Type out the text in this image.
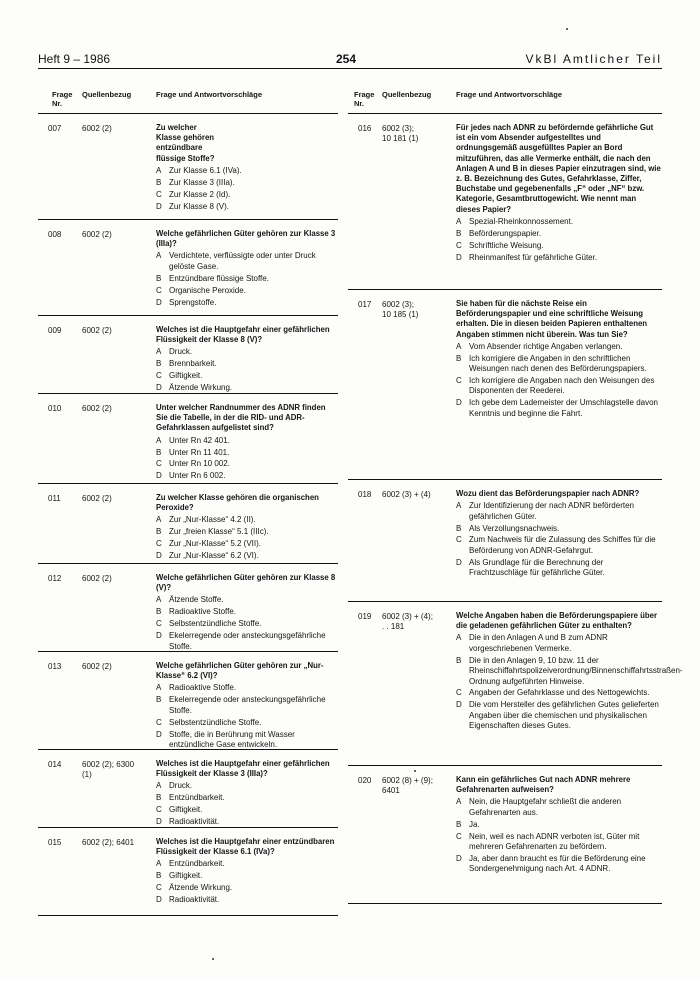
Heft 9 – 1986	254	VkBl Amtlicher Teil
Frage
Nr.
Quellenbezug	Frage und Antwortvorschläge
007	6002 (2)	Zu welcher
Klasse gehören
entzündbare
flüssige Stoffe?
A Zur Klasse 6.1 (IVa).
B Zur Klasse 3 (IIIa).
C Zur Klasse 2 (Id).
D Zur Klasse 8 (V).
008	6002 (2)	Welche gefährlichen Güter gehören zur Klasse 3 (IIIa)?
A Verdichtete, verflüssigte oder unter Druck gelöste Gase.
B Entzündbare flüssige Stoffe.
C Organische Peroxide.
D Sprengstoffe.
009	6002 (2)	Welches ist die Hauptgefahr einer gefährlichen Flüssigkeit der Klasse 8 (V)?
A Druck.
B Brennbarkeit.
C Giftigkeit.
D Ätzende Wirkung.
010	6002 (2)	Unter welcher Randnummer des ADNR finden Sie die Tabelle, in der die RID- und ADR-Gefahrklassen aufgelistet sind?
A Unter Rn 42 401.
B Unter Rn 11 401.
C Unter Rn 10 002.
D Unter Rn 6 002.
011	6002 (2)	Zu welcher Klasse gehören die organischen Peroxide?
A Zur „Nur-Klasse“ 4.2 (II).
B Zur „freien Klasse“ 5.1 (IIIc).
C Zur „Nur-Klasse“ 5.2 (VII).
D Zur „Nur-Klasse“ 6.2 (VI).
012	6002 (2)	Welche gefährlichen Güter gehören zur Klasse 8 (V)?
A Ätzende Stoffe.
B Radioaktive Stoffe.
C Selbstentzündliche Stoffe.
D Ekelerregende oder ansteckungsgefährliche Stoffe.
013	6002 (2)	Welche gefährlichen Güter gehören zur „Nur-Klasse“ 6.2 (VI)?
A Radioaktive Stoffe.
B Ekelerregende oder ansteckungsgefährliche Stoffe.
C Selbstentzündliche Stoffe.
D Stoffe, die in Berührung mit Wasser entzündliche Gase entwickeln.
014	6002 (2); 6300
(1)
Welches ist die Hauptgefahr einer gefährlichen Flüssigkeit der Klasse 3 (IIIa)?
A Druck.
B Entzündbarkeit.
C Giftigkeit.
D Radioaktivität.
015	6002 (2); 6401	Welches ist die Hauptgefahr einer entzündbaren Flüssigkeit der Klasse 6.1 (IVa)?
A Entzündbarkeit.
B Giftigkeit.
C Ätzende Wirkung.
D Radioaktivität.
Frage
Nr.
Quellenbezug	Frage und Antwortvorschläge
016 6002 (3);
10 181 (1)
Für jedes nach ADNR zu befördernde gefährliche Gut ist ein vom Absender aufgestelltes und ordnungsgemäß ausgefülltes Papier an Bord mitzuführen, das alle Vermerke enthält, die nach den Anlagen A und B in dieses Papier einzutragen sind, wie z. B. Bezeichnung des Gutes, Gefahrklasse, Ziffer, Buchstabe und gegebenenfalls „F“ oder „NF“ bzw. Kategorie, Gesamtbruttogewicht. Wie nennt man dieses Papier?
A Spezial-Rheinkonnossement.
B Beförderungspapier.
C Schriftliche Weisung.
D Rheinmanifest für gefährliche Güter.
017 6002 (3);
10 185 (1)
Sie haben für die nächste Reise ein Beförderungspapier und eine schriftliche Weisung erhalten. Die in diesen beiden Papieren enthaltenen Angaben stimmen nicht überein. Was tun Sie?
A Vom Absender richtige Angaben verlangen.
B Ich korrigiere die Angaben in den schriftlichen Weisungen nach denen des Beförderungspapiers.
C Ich korrigiere die Angaben nach den Weisungen des Disponenten der Reederei.
D Ich gebe dem Lademeister der Umschlagstelle davon Kenntnis und beginne die Fahrt.
018 6002 (3) + (4)	Wozu dient das Beförderungspapier nach ADNR?
A Zur Identifizierung der nach ADNR beförderten gefährlichen Güter.
B Als Verzollungsnachweis.
C Zum Nachweis für die Zulassung des Schiffes für die Beförderung von ADNR-Gefahrgut.
D Als Grundlage für die Berechnung der Frachtzuschläge für gefährliche Güter.
019 6002 (3) + (4);
. . 181
Welche Angaben haben die Beförderungspapiere über die geladenen gefährlichen Güter zu enthalten?
A Die in den Anlagen A und B zum ADNR vorgeschriebenen Vermerke.
B Die in den Anlagen 9, 10 bzw. 11 der Rheinschiffahrtspolizeiverordnung/Binnenschiffahrtsstraßen-Ordnung aufgeführten Hinweise.
C Angaben der Gefahrklasse und des Nettogewichts.
D Die vom Hersteller des gefährlichen Gutes gelieferten Angaben über die chemischen und physikalischen Eigenschaften dieses Gutes.
020 6002 (8) + (9);
6401
Kann ein gefährliches Gut nach ADNR mehrere Gefahrenarten aufweisen?
A Nein, die Hauptgefahr schließt die anderen Gefahrenarten aus.
B Ja.
C Nein, weil es nach ADNR verboten ist, Güter mit mehreren Gefahrenarten zu befördern.
D Ja, aber dann braucht es für die Beförderung eine Sondergenehmigung nach Art. 4 ADNR.
